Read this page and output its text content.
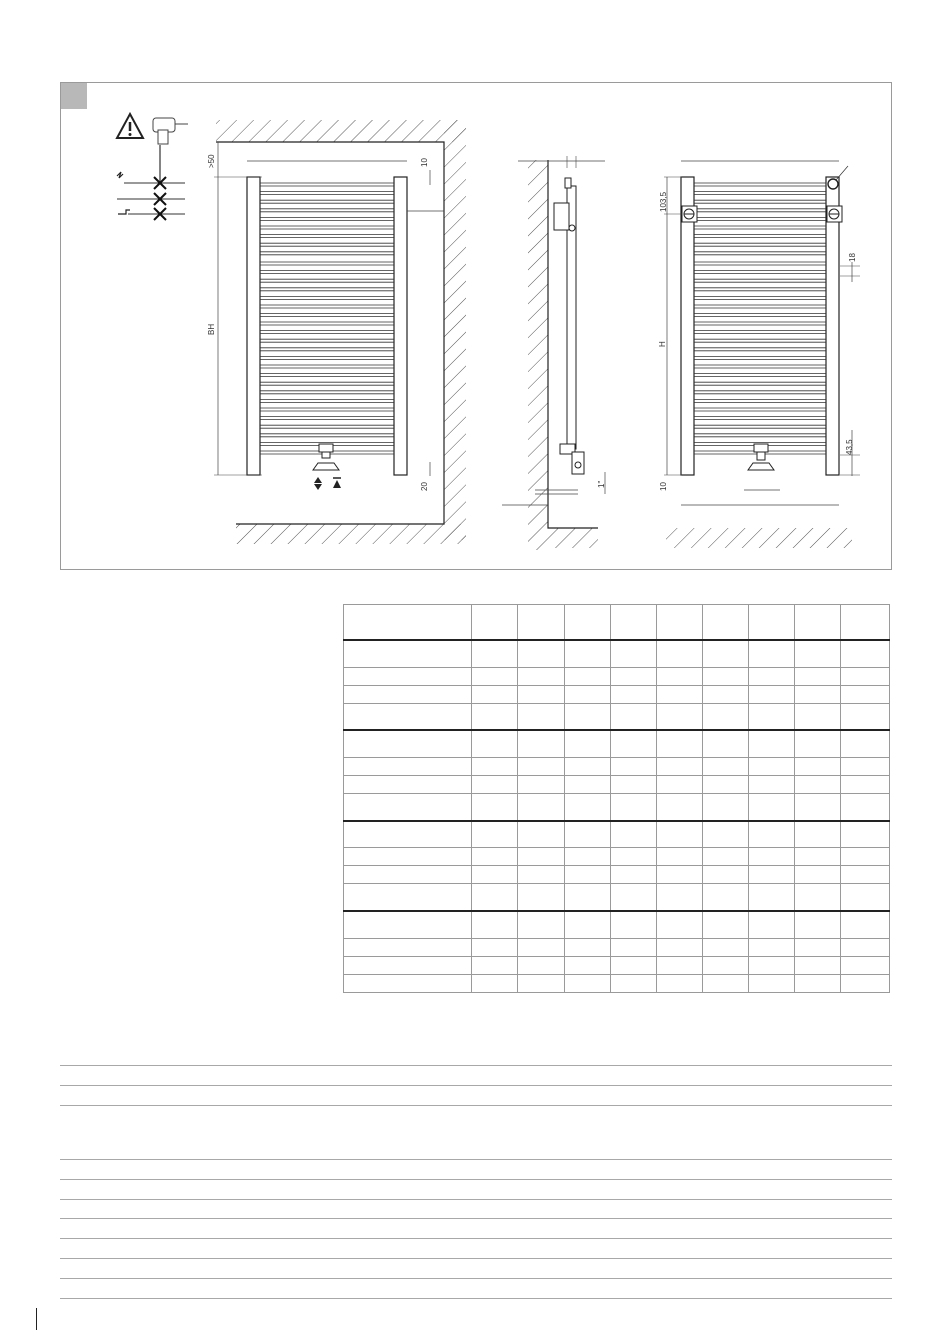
>50	10
BH
20	1"
103,5
18
H
43,5
10
